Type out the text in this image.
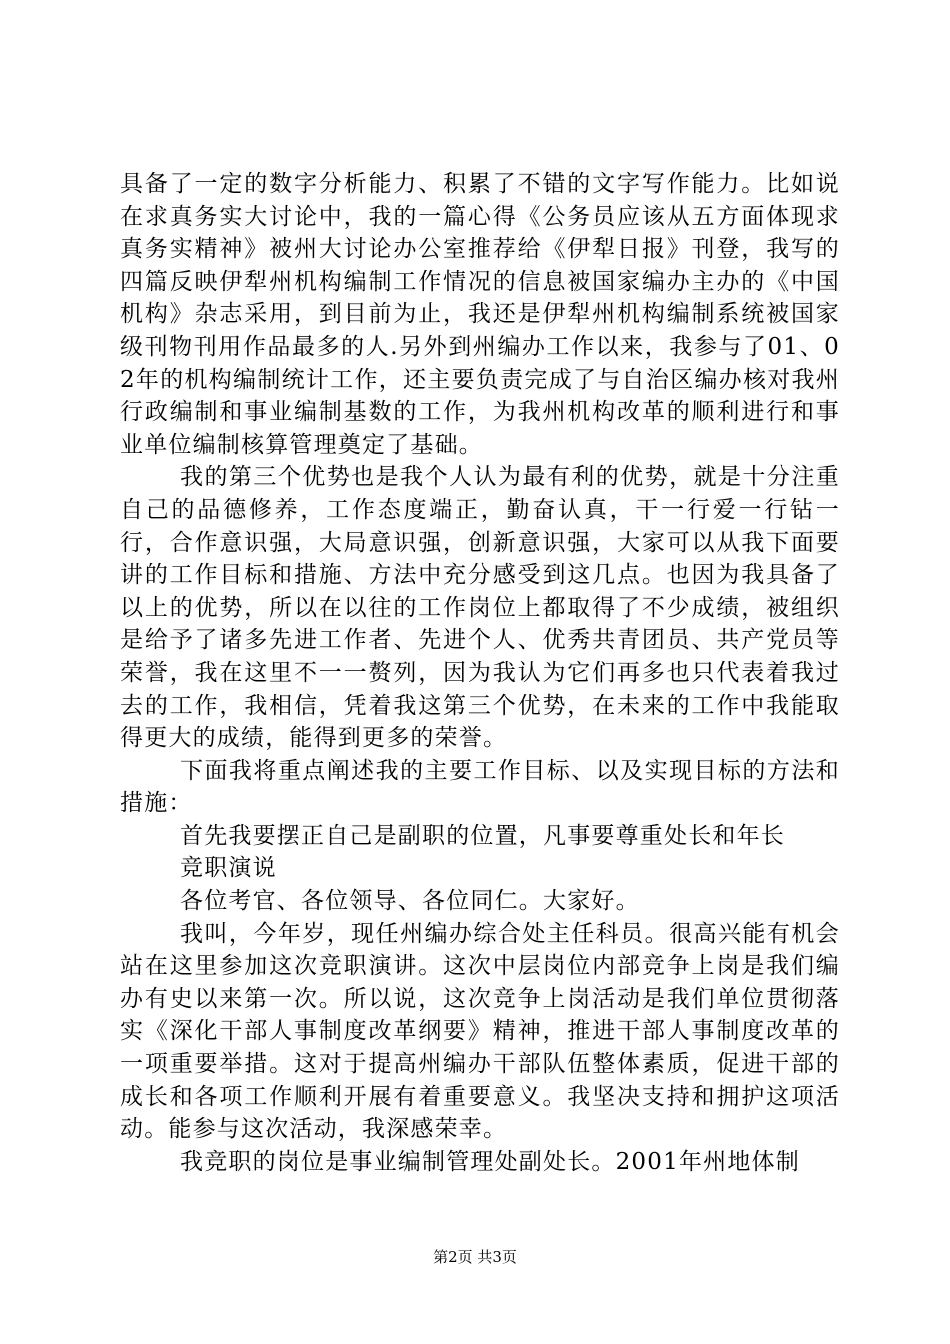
具备了一定的数字分析能力、积累了不错的文字写作能力。比如说在求真务实大讨论中，我的一篇心得《公务员应该从五方面体现求真务实精神》被州大讨论办公室推荐给《伊犁日报》刊登，我写的四篇反映伊犁州机构编制工作情况的信息被国家编办主办的《中国机构》杂志采用，到目前为止，我还是伊犁州机构编制系统被国家级刊物刊用作品最多的人.另外到州编办工作以来，我参与了01、02年的机构编制统计工作，还主要负责完成了与自治区编办核对我州行政编制和事业编制基数的工作，为我州机构改革的顺利进行和事业单位编制核算管理奠定了基础。

我的第三个优势也是我个人认为最有利的优势，就是十分注重自己的品德修养，工作态度端正，勤奋认真，干一行爱一行钻一行，合作意识强，大局意识强，创新意识强，大家可以从我下面要讲的工作目标和措施、方法中充分感受到这几点。也因为我具备了以上的优势，所以在以往的工作岗位上都取得了不少成绩，被组织是给予了诸多先进工作者、先进个人、优秀共青团员、共产党员等荣誉，我在这里不一一赘列，因为我认为它们再多也只代表着我过去的工作，我相信，凭着我这第三个优势，在未来的工作中我能取得更大的成绩，能得到更多的荣誉。

下面我将重点阐述我的主要工作目标、以及实现目标的方法和措施：

首先我要摆正自己是副职的位置，凡事要尊重处长和年长

竞职演说

各位考官、各位领导、各位同仁。大家好。

我叫，今年岁，现任州编办综合处主任科员。很高兴能有机会站在这里参加这次竞职演讲。这次中层岗位内部竞争上岗是我们编办有史以来第一次。所以说，这次竞争上岗活动是我们单位贯彻落实《深化干部人事制度改革纲要》精神，推进干部人事制度改革的一项重要举措。这对于提高州编办干部队伍整体素质，促进干部的成长和各项工作顺利开展有着重要意义。我坚决支持和拥护这项活动。能参与这次活动，我深感荣幸。

我竞职的岗位是事业编制管理处副处长。2001年州地体制

第2页 共3页
